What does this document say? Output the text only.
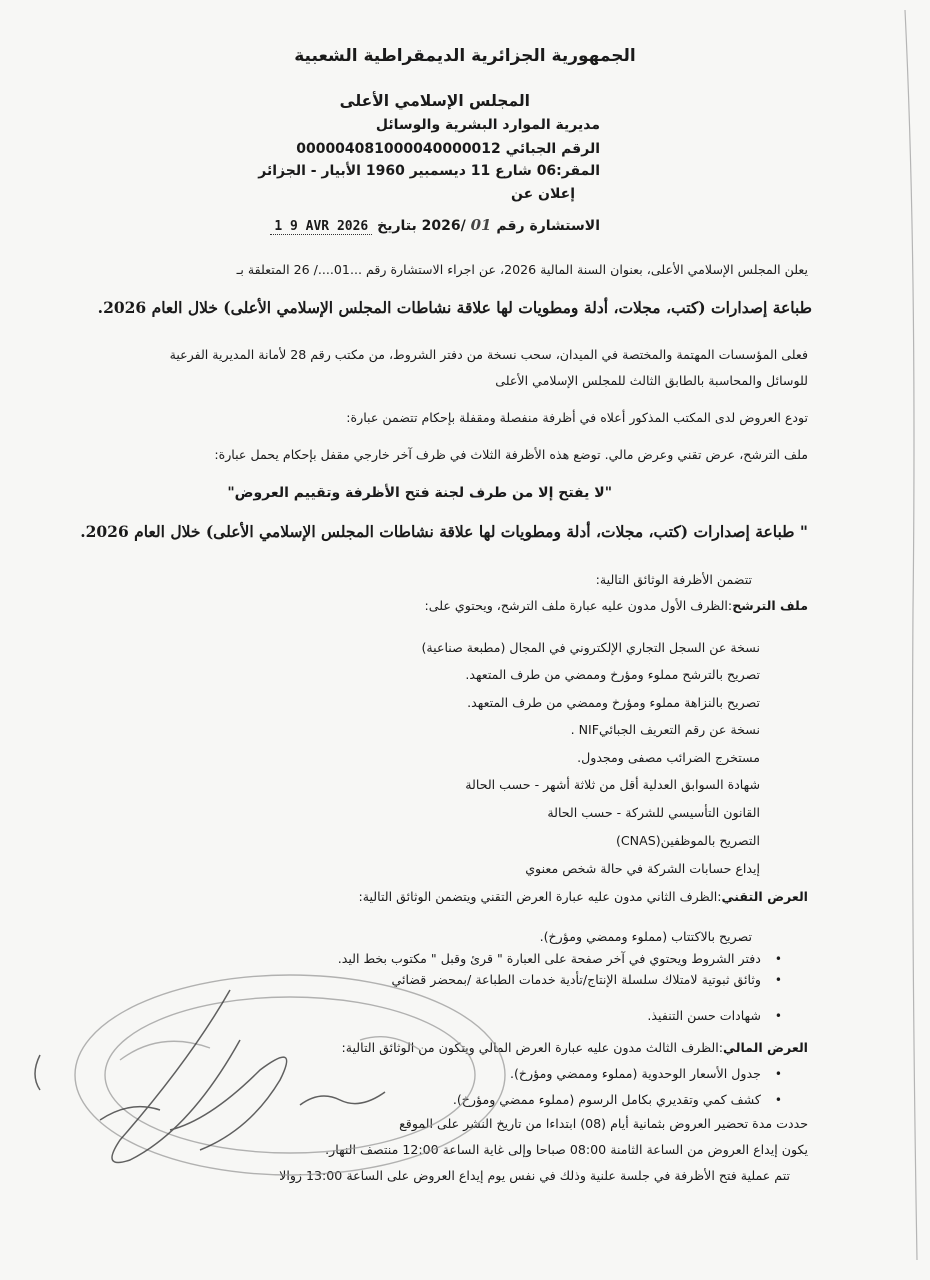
الجمهورية الجزائرية الديمقراطية الشعبية
المجلس الإسلامي الأعلى
مديرية الموارد البشرية والوسائل
الرقم الجبائي 000004081000040000012
المقر:06 شارع 11 ديسمبير 1960 الأبيار - الجزائر
إعلان عن
الاستشارة رقم 01 /2026 بتاريخ 1 9 AVR 2026
يعلن المجلس الإسلامي الأعلى، بعنوان السنة المالية 2026، عن اجراء الاستشارة رقم ...01..../ 26 المتعلقة بـ
طباعة إصدارات (كتب، مجلات، أدلة ومطويات لها علاقة نشاطات المجلس الإسلامي الأعلى) خلال العام 2026.
فعلى المؤسسات المهتمة والمختصة في الميدان، سحب نسخة من دفتر الشروط، من مكتب رقم 28 لأمانة المديرية الفرعية
للوسائل والمحاسبة بالطابق الثالث للمجلس الإسلامي الأعلى
تودع العروض لدى المكتب المذكور أعلاه في أظرفة منفصلة ومقفلة بإحكام تتضمن عبارة:
ملف الترشح، عرض تقني وعرض مالي. توضع هذه الأظرفة الثلاث في ظرف آخر خارجي مقفل بإحكام يحمل عبارة:
"لا يفتح إلا من طرف لجنة فتح الأظرفة وتقييم العروض"
" طباعة إصدارات (كتب، مجلات، أدلة ومطويات لها علاقة نشاطات المجلس الإسلامي الأعلى) خلال العام 2026.
تتضمن الأظرفة الوثائق التالية:
ملف الترشح:الظرف الأول مدون عليه عبارة ملف الترشح، ويحتوي على:
نسخة عن السجل التجاري الإلكتروني في المجال (مطبعة صناعية)
تصريح بالترشح مملوء ومؤرخ وممضي من طرف المتعهد.
تصريح بالنزاهة مملوء ومؤرخ وممضي من طرف المتعهد.
نسخة عن رقم التعريف الجبائيNIF .
مستخرج الضرائب مصفى ومجدول.
شهادة السوابق العدلية أقل من ثلاثة أشهر - حسب الحالة
القانون التأسيسي للشركة - حسب الحالة
التصريح بالموظفين(CNAS)
إيداع حسابات الشركة في حالة شخص معنوي
العرض التقني:الظرف الثاني مدون عليه عبارة العرض التقني ويتضمن الوثائق التالية:
تصريح بالاكتتاب (مملوء وممضي ومؤرخ).
• دفتر الشروط ويحتوي في آخر صفحة على العبارة " قرئ وقبل " مكتوب بخط اليد.
• وثائق ثبوتية لامتلاك سلسلة الإنتاج/تأدية خدمات الطباعة /بمحضر قضائي
• شهادات حسن التنفيذ.
العرض المالي:الظرف الثالث مدون عليه عبارة العرض المالي ويتكون من الوثائق التالية:
• جدول الأسعار الوحدوية (مملوء وممضي ومؤرخ).
• كشف كمي وتقديري بكامل الرسوم (مملوء ممضي ومؤرخ).
حددت مدة تحضير العروض بثمانية أيام (08) ابتداءا من تاريخ النشر على الموقع
يكون إيداع العروض من الساعة الثامنة 08:00 صباحا وإلى غاية الساعة 12:00 منتصف النهار.
تتم عملية فتح الأظرفة في جلسة علنية وذلك في نفس يوم إيداع العروض على الساعة 13:00 زوالا
